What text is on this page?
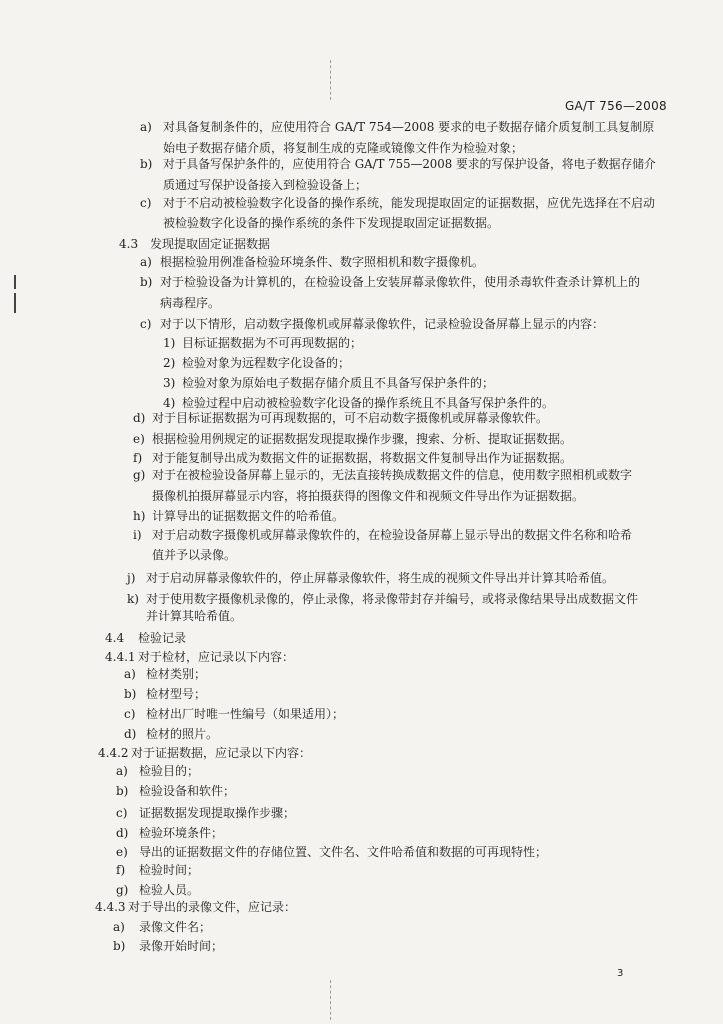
GA/T 756—2008
a) 对具备复制条件的，应使用符合 GA/T 754—2008 要求的电子数据存储介质复制工具复制原
始电子数据存储介质，将复制生成的克隆或镜像文件作为检验对象；
b) 对于具备写保护条件的，应使用符合 GA/T 755—2008 要求的写保护设备，将电子数据存储介
质通过写保护设备接入到检验设备上；
c) 对于不启动被检验数字化设备的操作系统，能发现提取固定的证据数据，应优先选择在不启动
被检验数字化设备的操作系统的条件下发现提取固定证据数据。
4.3 发现提取固定证据数据
a) 根据检验用例准备检验环境条件、数字照相机和数字摄像机。
b) 对于检验设备为计算机的，在检验设备上安装屏幕录像软件，使用杀毒软件查杀计算机上的
病毒程序。
c) 对于以下情形，启动数字摄像机或屏幕录像软件，记录检验设备屏幕上显示的内容：
1) 目标证据数据为不可再现数据的；
2) 检验对象为远程数字化设备的；
3) 检验对象为原始电子数据存储介质且不具备写保护条件的；
4) 检验过程中启动被检验数字化设备的操作系统且不具备写保护条件的。
d) 对于目标证据数据为可再现数据的，可不启动数字摄像机或屏幕录像软件。
e) 根据检验用例规定的证据数据发现提取操作步骤，搜索、分析、提取证据数据。
f) 对于能复制导出成为数据文件的证据数据，将数据文件复制导出作为证据数据。
g) 对于在被检验设备屏幕上显示的，无法直接转换成数据文件的信息，使用数字照相机或数字
摄像机拍摄屏幕显示内容，将拍摄获得的图像文件和视频文件导出作为证据数据。
h) 计算导出的证据数据文件的哈希值。
i) 对于启动数字摄像机或屏幕录像软件的，在检验设备屏幕上显示导出的数据文件名称和哈希
值并予以录像。
j) 对于启动屏幕录像软件的，停止屏幕录像软件，将生成的视频文件导出并计算其哈希值。
k) 对于使用数字摄像机录像的，停止录像，将录像带封存并编号，或将录像结果导出成数据文件
并计算其哈希值。
4.4 检验记录
4.4.1 对于检材，应记录以下内容：
a) 检材类别；
b) 检材型号；
c) 检材出厂时唯一性编号（如果适用）；
d) 检材的照片。
4.4.2 对于证据数据，应记录以下内容：
a) 检验目的；
b) 检验设备和软件；
c) 证据数据发现提取操作步骤；
d) 检验环境条件；
e) 导出的证据数据文件的存储位置、文件名、文件哈希值和数据的可再现特性；
f) 检验时间；
g) 检验人员。
4.4.3 对于导出的录像文件，应记录：
a) 录像文件名；
b) 录像开始时间；
3
